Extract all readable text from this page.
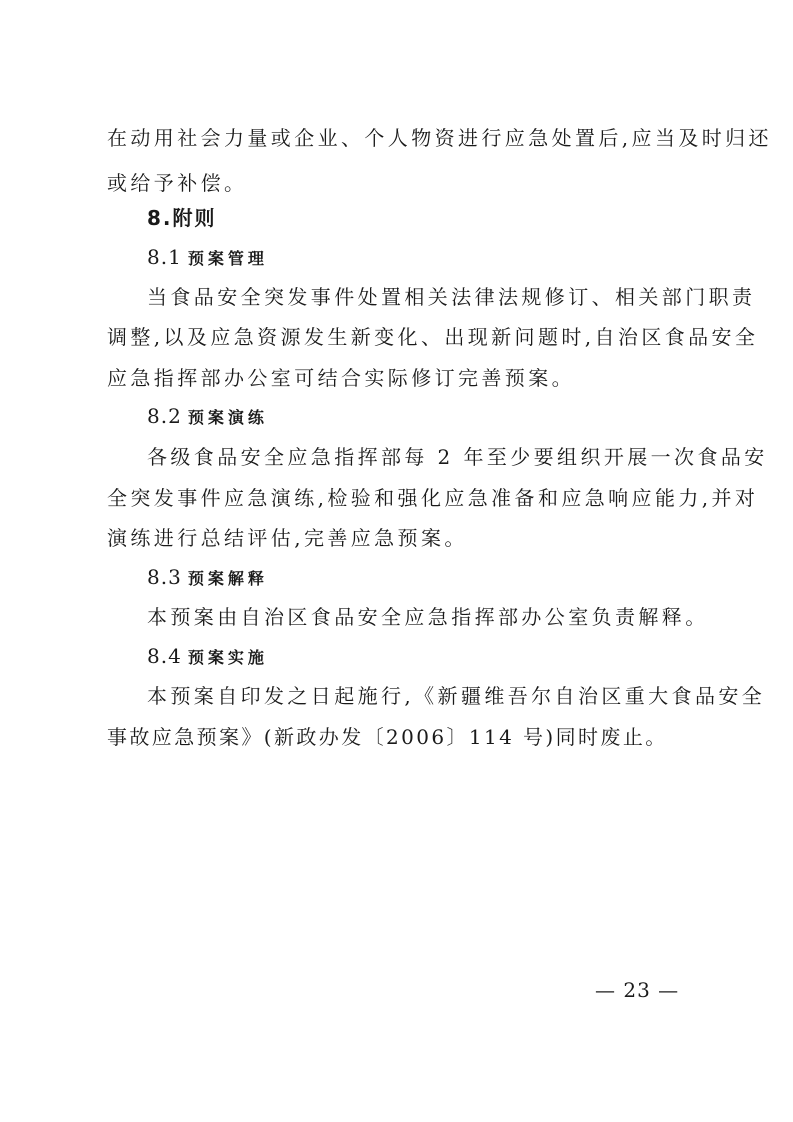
在动用社会力量或企业、个人物资进行应急处置后,应当及时归还
或给予补偿。
8.附则
8.1 预案管理
当食品安全突发事件处置相关法律法规修订、相关部门职责
调整,以及应急资源发生新变化、出现新问题时,自治区食品安全
应急指挥部办公室可结合实际修订完善预案。
8.2 预案演练
各级食品安全应急指挥部每 2 年至少要组织开展一次食品安
全突发事件应急演练,检验和强化应急准备和应急响应能力,并对
演练进行总结评估,完善应急预案。
8.3 预案解释
本预案由自治区食品安全应急指挥部办公室负责解释。
8.4 预案实施
本预案自印发之日起施行,《新疆维吾尔自治区重大食品安全
事故应急预案》(新政办发〔2006〕114 号)同时废止。
— 23 —
